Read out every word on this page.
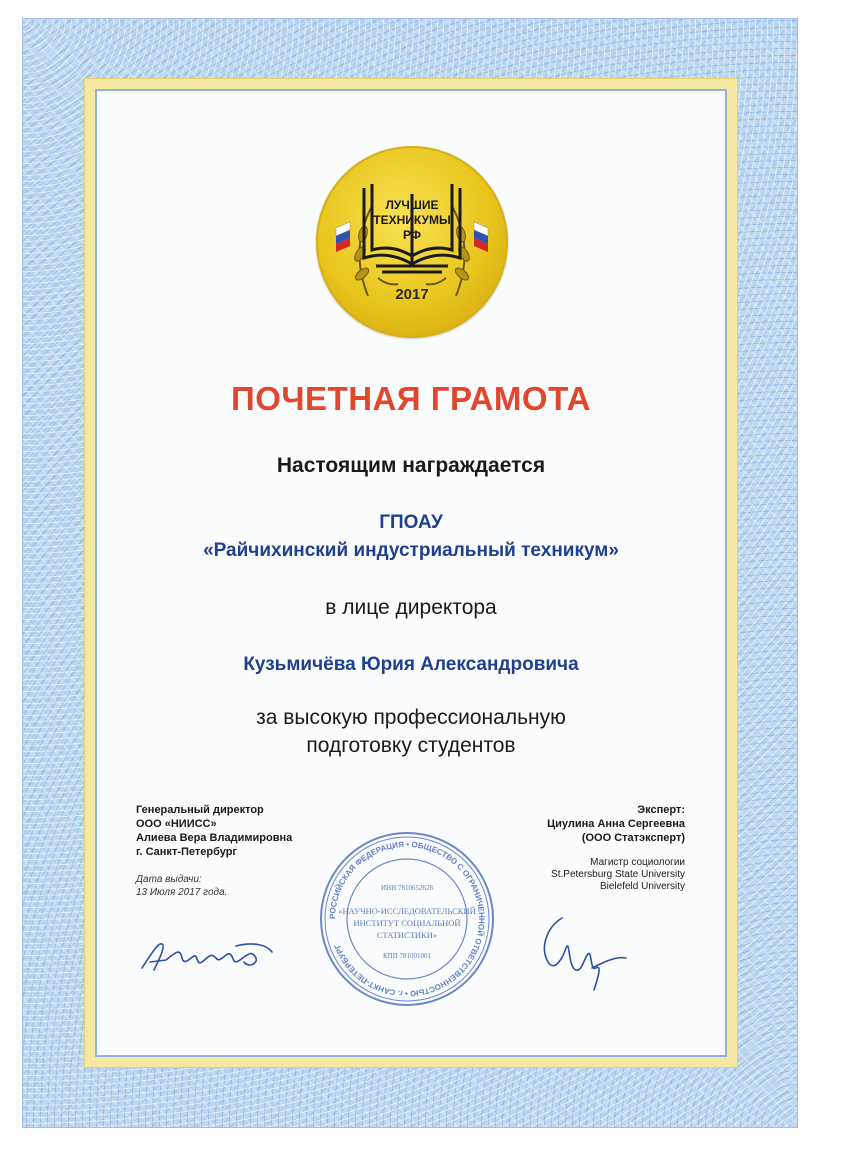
ЛУЧШИЕ
ТЕХНИКУМЫ
РФ
2017
ПОЧЕТНАЯ ГРАМОТА
Настоящим награждается
ГПОАУ
«Райчихинский индустриальный техникум»
в лице директора
Кузьмичёва Юрия Александровича
за высокую профессиональную
подготовку студентов
Генеральный директор
ООО «НИИСС»
Алиева Вера Владимировна
г. Санкт-Петербург
Дата выдачи:
13 Июля 2017 года.
Эксперт:
Циулина Анна Сергеевна
(ООО Статэксперт)
Магистр социологии
St.Petersburg State University
Bielefeld University
РОССИЙСКАЯ ФЕДЕРАЦИЯ • ОБЩЕСТВО С ОГРАНИЧЕННОЙ ОТВЕТСТВЕННОСТЬЮ • г. САНКТ-ПЕТЕРБУРГ
ИНН 7810652628
«НАУЧНО-ИССЛЕДОВАТЕЛЬСКИЙ
ИНСТИТУТ СОЦИАЛЬНОЙ
СТАТИСТИКИ»
КПП 781001001
